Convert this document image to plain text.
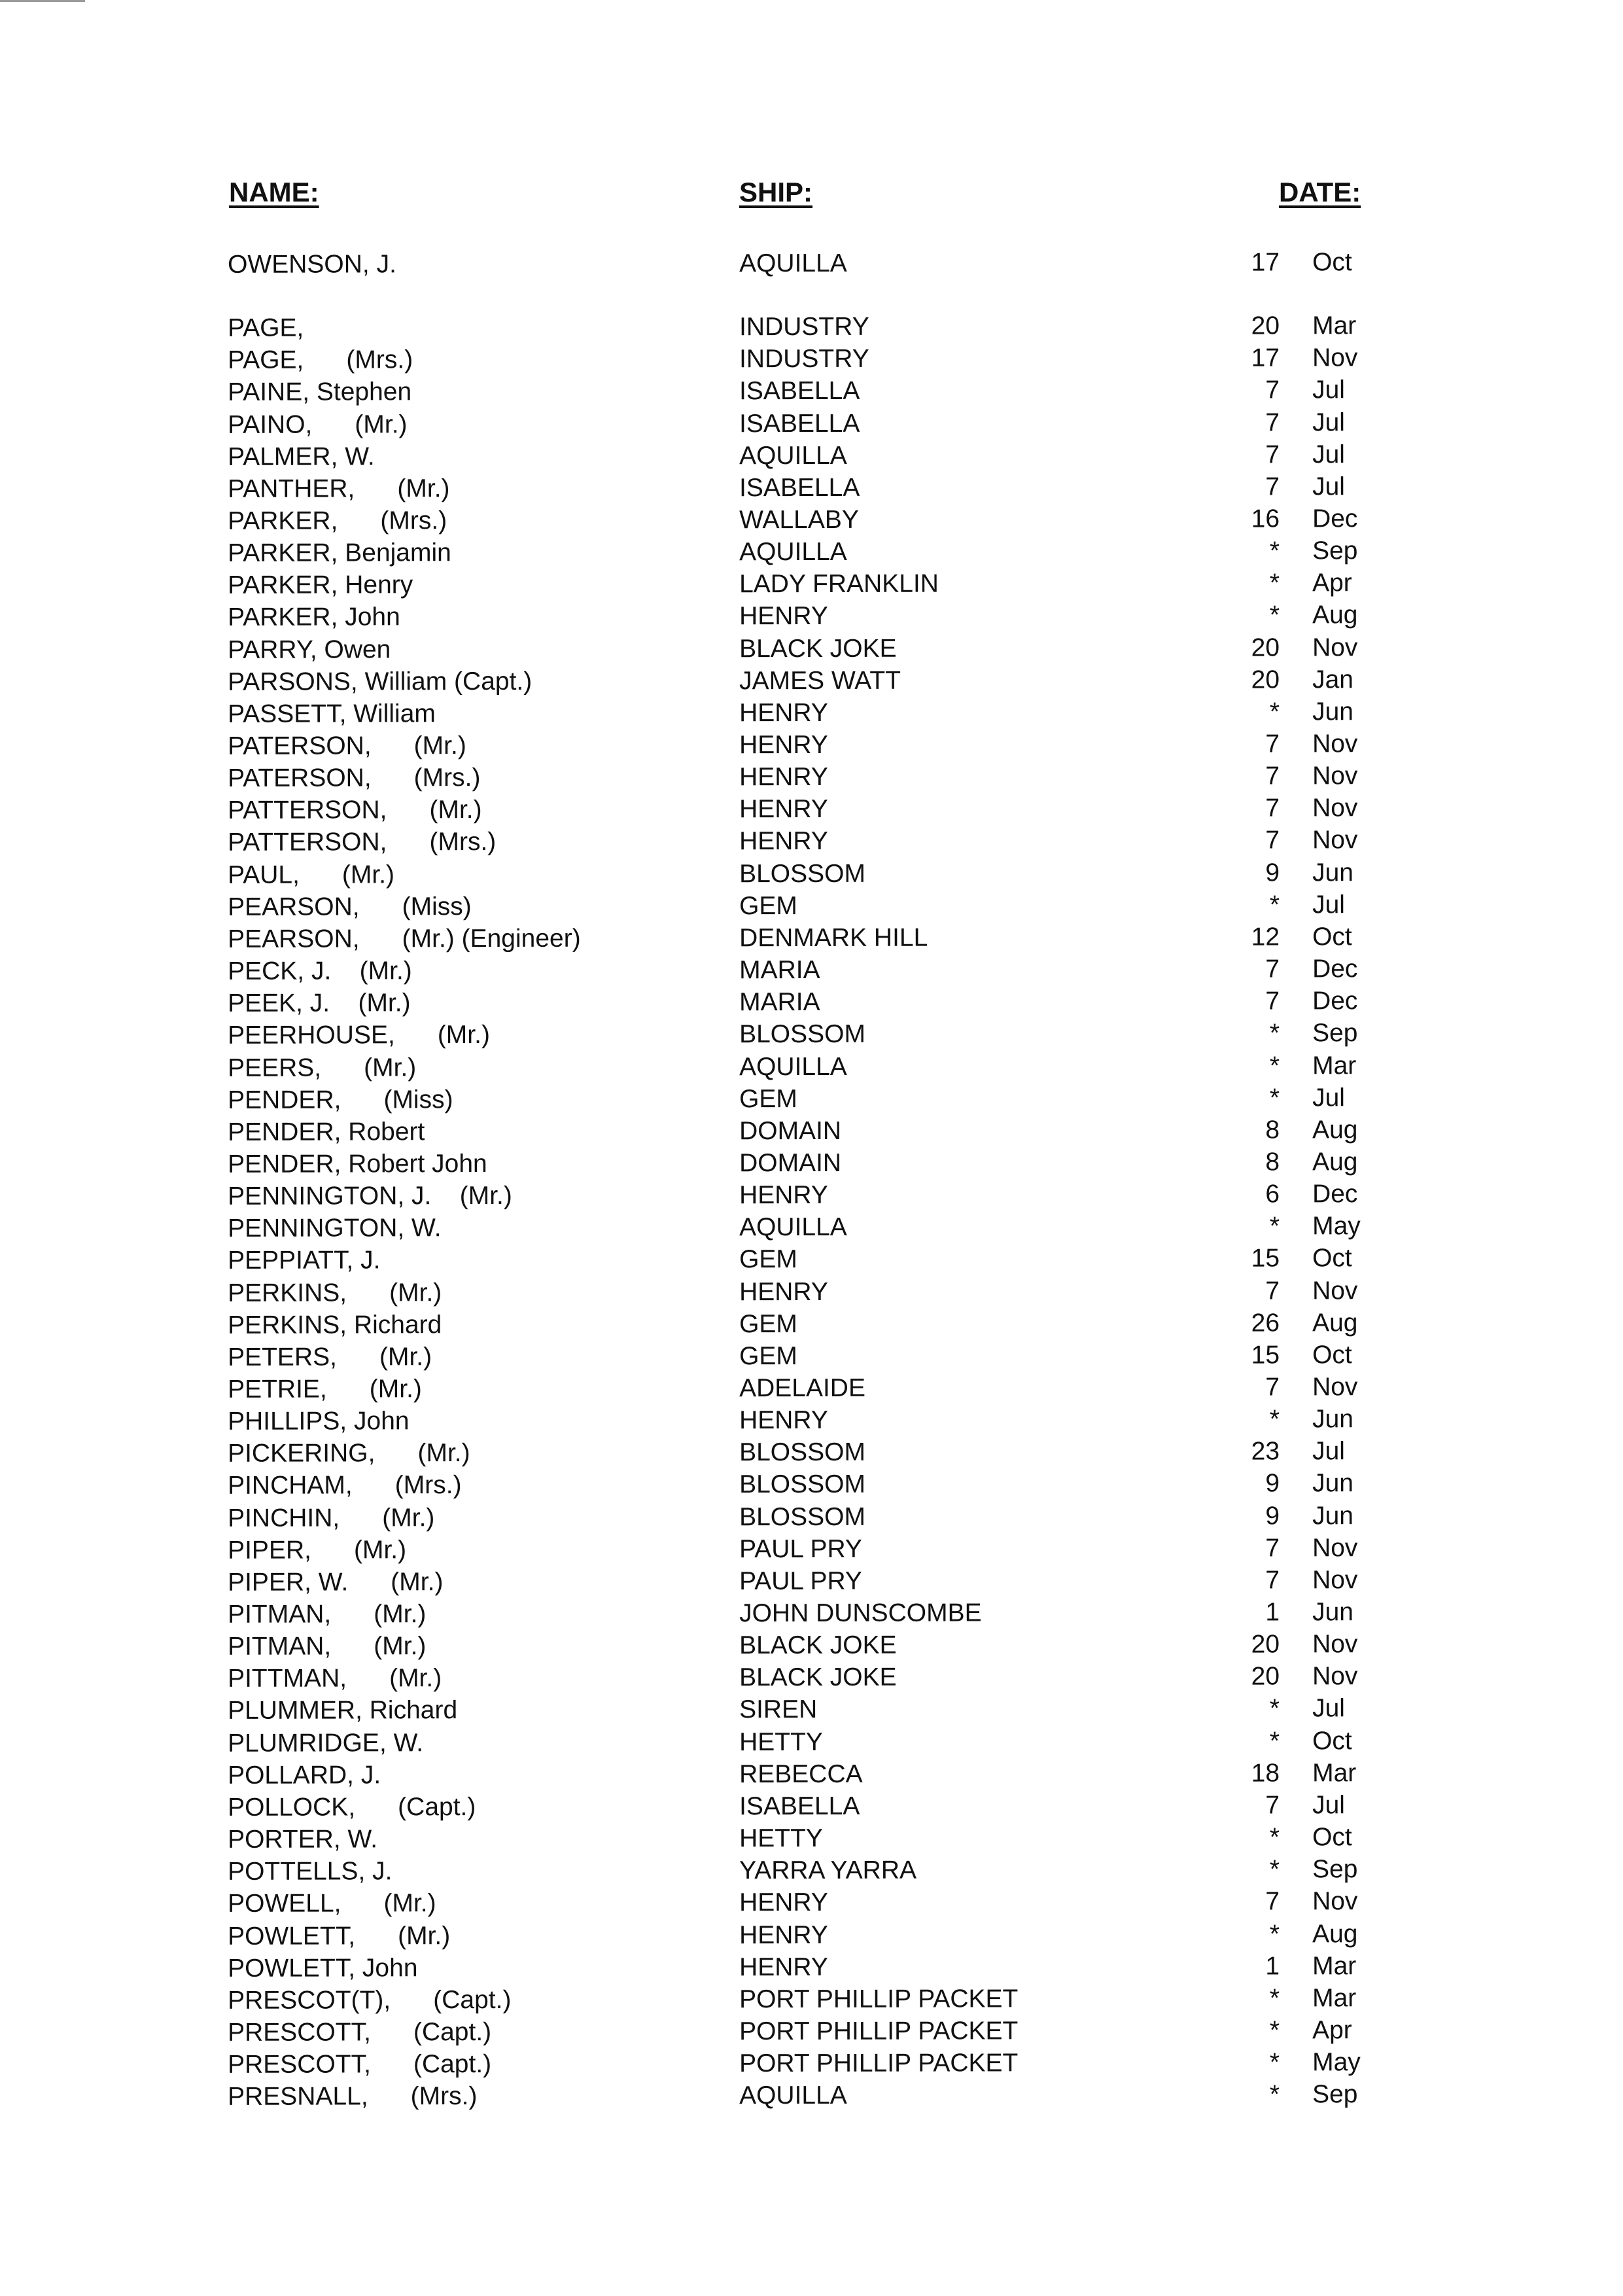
NAME:	SHIP:	DATE:
OWENSON, J.	AQUILLA	17 Oct
PAGE,	INDUSTRY	20 Mar
PAGE,      (Mrs.)	INDUSTRY	17 Nov
PAINE, Stephen	ISABELLA	7 Jul
PAINO,      (Mr.)	ISABELLA	7 Jul
PALMER, W.	AQUILLA	7 Jul
PANTHER,      (Mr.)	ISABELLA	7 Jul
PARKER,      (Mrs.)	WALLABY	16 Dec
PARKER, Benjamin	AQUILLA	* Sep
PARKER, Henry	LADY FRANKLIN	* Apr
PARKER, John	HENRY	* Aug
PARRY, Owen	BLACK JOKE	20 Nov
PARSONS, William (Capt.)	JAMES WATT	20 Jan
PASSETT, William	HENRY	* Jun
PATERSON,      (Mr.)	HENRY	7 Nov
PATERSON,      (Mrs.)	HENRY	7 Nov
PATTERSON,      (Mr.)	HENRY	7 Nov
PATTERSON,      (Mrs.)	HENRY	7 Nov
PAUL,      (Mr.)	BLOSSOM	9 Jun
PEARSON,      (Miss)	GEM	* Jul
PEARSON,      (Mr.) (Engineer)	DENMARK HILL	12 Oct
PECK, J.    (Mr.)	MARIA	7 Dec
PEEK, J.    (Mr.)	MARIA	7 Dec
PEERHOUSE,      (Mr.)	BLOSSOM	* Sep
PEERS,      (Mr.)	AQUILLA	* Mar
PENDER,      (Miss)	GEM	* Jul
PENDER, Robert	DOMAIN	8 Aug
PENDER, Robert John	DOMAIN	8 Aug
PENNINGTON, J.    (Mr.)	HENRY	6 Dec
PENNINGTON, W.	AQUILLA	* May
PEPPIATT, J.	GEM	15 Oct
PERKINS,      (Mr.)	HENRY	7 Nov
PERKINS, Richard	GEM	26 Aug
PETERS,      (Mr.)	GEM	15 Oct
PETRIE,      (Mr.)	ADELAIDE	7 Nov
PHILLIPS, John	HENRY	* Jun
PICKERING,      (Mr.)	BLOSSOM	23 Jul
PINCHAM,      (Mrs.)	BLOSSOM	9 Jun
PINCHIN,      (Mr.)	BLOSSOM	9 Jun
PIPER,      (Mr.)	PAUL PRY	7 Nov
PIPER, W.      (Mr.)	PAUL PRY	7 Nov
PITMAN,      (Mr.)	JOHN DUNSCOMBE	1 Jun
PITMAN,      (Mr.)	BLACK JOKE	20 Nov
PITTMAN,      (Mr.)	BLACK JOKE	20 Nov
PLUMMER, Richard	SIREN	* Jul
PLUMRIDGE, W.	HETTY	* Oct
POLLARD, J.	REBECCA	18 Mar
POLLOCK,      (Capt.)	ISABELLA	7 Jul
PORTER, W.	HETTY	* Oct
POTTELLS, J.	YARRA YARRA	* Sep
POWELL,      (Mr.)	HENRY	7 Nov
POWLETT,      (Mr.)	HENRY	* Aug
POWLETT, John	HENRY	1 Mar
PRESCOT(T),      (Capt.)	PORT PHILLIP PACKET	* Mar
PRESCOTT,      (Capt.)	PORT PHILLIP PACKET	* Apr
PRESCOTT,      (Capt.)	PORT PHILLIP PACKET	* May
PRESNALL,      (Mrs.)	AQUILLA	* Sep
